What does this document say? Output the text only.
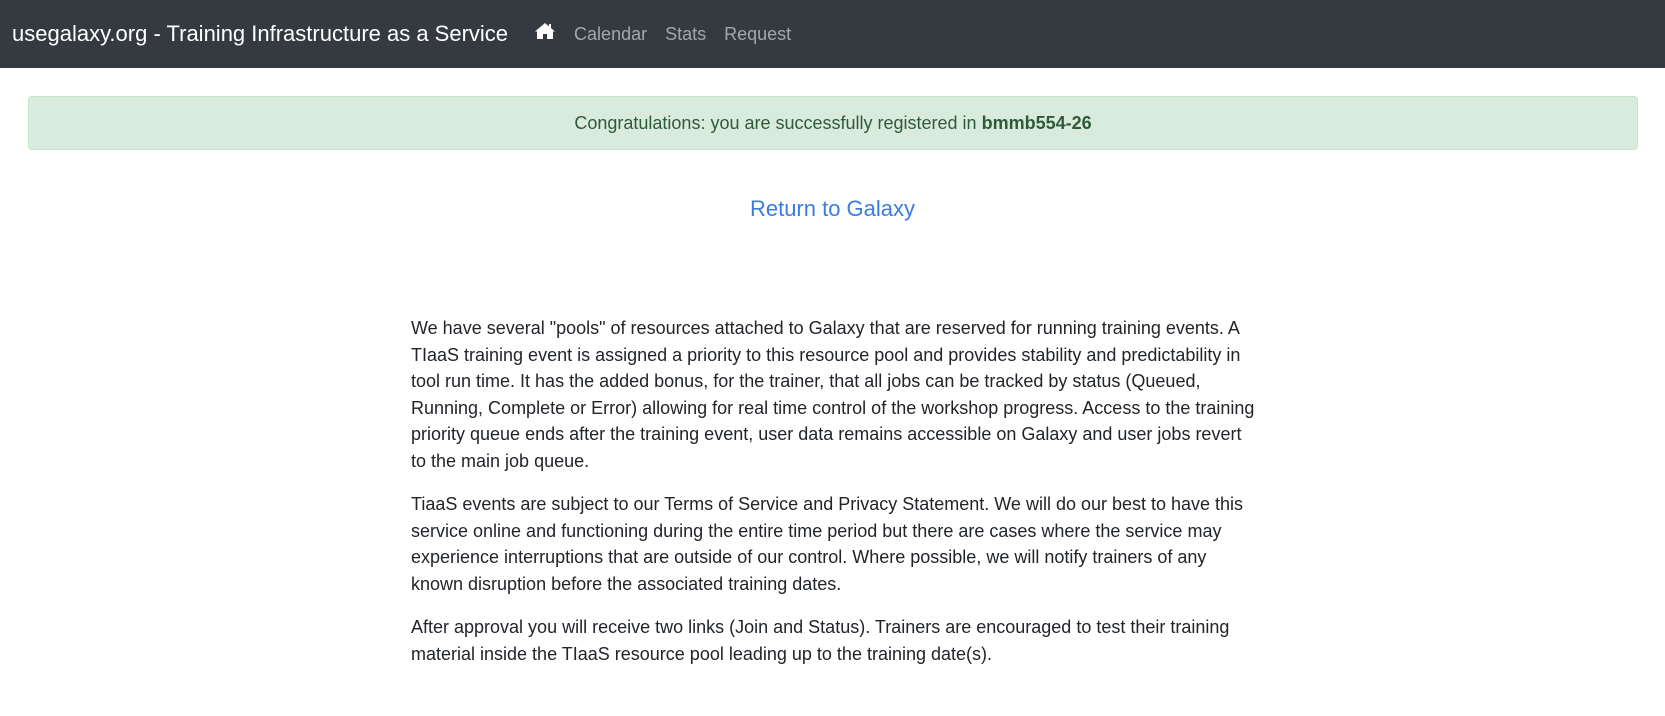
usegalaxy.org - Training Infrastructure as a Service	Calendar Stats Request
Congratulations: you are successfully registered in bmmb554-26
Return to Galaxy

We have several "pools" of resources attached to Galaxy that are reserved for running training events. A TIaaS training event is assigned a priority to this resource pool and provides stability and predictability in tool run time. It has the added bonus, for the trainer, that all jobs can be tracked by status (Queued, Running, Complete or Error) allowing for real time control of the workshop progress. Access to the training priority queue ends after the training event, user data remains accessible on Galaxy and user jobs revert to the main job queue.

TiaaS events are subject to our Terms of Service and Privacy Statement. We will do our best to have this service online and functioning during the entire time period but there are cases where the service may experience interruptions that are outside of our control. Where possible, we will notify trainers of any known disruption before the associated training dates.

After approval you will receive two links (Join and Status). Trainers are encouraged to test their training material inside the TIaaS resource pool leading up to the training date(s).
